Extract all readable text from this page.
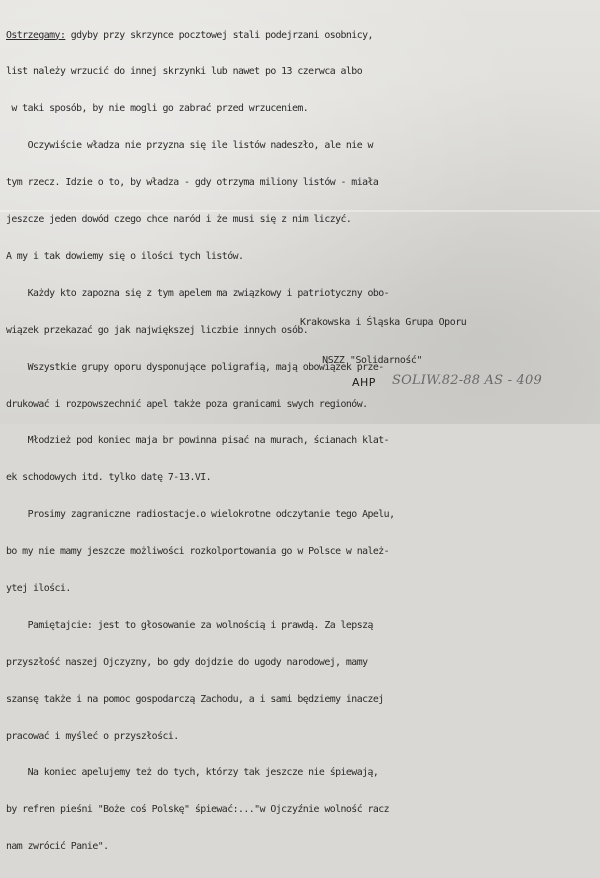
Ostrzegamy: gdyby przy skrzynce pocztowej stali podejrzani osobnicy,

list należy wrzucić do innej skrzynki lub nawet po 13 czerwca albo

w taki sposób, by nie mogli go zabrać przed wrzuceniem.

Oczywiście władza nie przyzna się ile listów nadeszło, ale nie w

tym rzecz. Idzie o to, by władza - gdy otrzyma miliony listów - miała

jeszcze jeden dowód czego chce naród i że musi się z nim liczyć.

A my i tak dowiemy się o ilości tych listów.

Każdy kto zapozna się z tym apelem ma związkowy i patriotyczny obo-

wiązek przekazać go jak największej liczbie innych osób.

Wszystkie grupy oporu dysponujące poligrafią, mają obowiązek prze-

drukować i rozpowszechnić apel także poza granicami swych regionów.

Młodzież pod koniec maja br powinna pisać na murach, ścianach klat-

ek schodowych itd. tylko datę 7-13.VI.

Prosimy zagraniczne radiostacje.o wielokrotne odczytanie tego Apelu,

bo my nie mamy jeszcze możliwości rozkolportowania go w Polsce w należ-

ytej ilości.

Pamiętajcie: jest to głosowanie za wolnością i prawdą. Za lepszą

przyszłość naszej Ojczyzny, bo gdy dojdzie do ugody narodowej, mamy

szansę także i na pomoc gospodarczą Zachodu, a i sami będziemy inaczej

pracować i myśleć o przyszłości.

Na koniec apelujemy też do tych, którzy tak jeszcze nie śpiewają,

by refren pieśni "Boże coś Polskę" śpiewać:..."w Ojczyźnie wolność racz

nam zwrócić Panie".

Krakowska i Śląska Grupa Oporu

NSZZ "Solidarność"

AHP SOLIW.82-88 AS - 409
